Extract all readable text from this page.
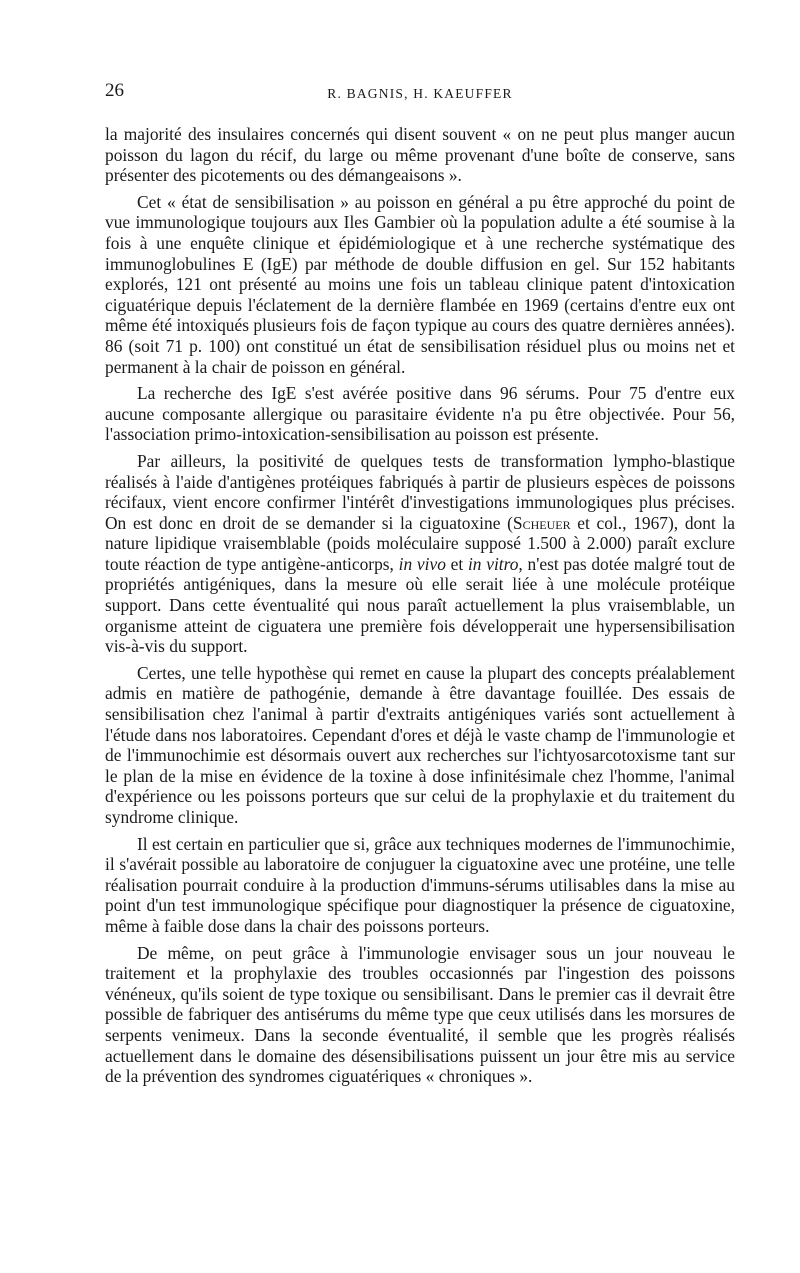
26	R. BAGNIS, H. KAEUFFER

la majorité des insulaires concernés qui disent souvent « on ne peut plus manger aucun poisson du lagon du récif, du large ou même provenant d'une boîte de conserve, sans présenter des picotements ou des démangeaisons ».

Cet « état de sensibilisation » au poisson en général a pu être approché du point de vue immunologique toujours aux Iles Gambier où la population adulte a été soumise à la fois à une enquête clinique et épidémiologique et à une recherche systématique des immunoglobulines E (IgE) par méthode de double diffusion en gel. Sur 152 habitants explorés, 121 ont présenté au moins une fois un tableau clinique patent d'intoxication ciguatérique depuis l'éclatement de la dernière flambée en 1969 (certains d'entre eux ont même été intoxiqués plusieurs fois de façon typique au cours des quatre dernières années). 86 (soit 71 p. 100) ont constitué un état de sensibilisation résiduel plus ou moins net et permanent à la chair de poisson en général.

La recherche des IgE s'est avérée positive dans 96 sérums. Pour 75 d'entre eux aucune composante allergique ou parasitaire évidente n'a pu être objectivée. Pour 56, l'association primo-intoxication-sensibilisation au poisson est présente.

Par ailleurs, la positivité de quelques tests de transformation lympho-blastique réalisés à l'aide d'antigènes protéiques fabriqués à partir de plusieurs espèces de poissons récifaux, vient encore confirmer l'intérêt d'investigations immunologiques plus précises. On est donc en droit de se demander si la ciguatoxine (Scheuer et col., 1967), dont la nature lipidique vraisemblable (poids moléculaire supposé 1.500 à 2.000) paraît exclure toute réaction de type antigène-anticorps, in vivo et in vitro, n'est pas dotée malgré tout de propriétés antigéniques, dans la mesure où elle serait liée à une molécule protéique support. Dans cette éventualité qui nous paraît actuellement la plus vraisemblable, un organisme atteint de ciguatera une première fois développerait une hypersensibilisation vis-à-vis du support.

Certes, une telle hypothèse qui remet en cause la plupart des concepts préalablement admis en matière de pathogénie, demande à être davantage fouillée. Des essais de sensibilisation chez l'animal à partir d'extraits antigéniques variés sont actuellement à l'étude dans nos laboratoires. Cependant d'ores et déjà le vaste champ de l'immunologie et de l'immunochimie est désormais ouvert aux recherches sur l'ichtyosarcotoxisme tant sur le plan de la mise en évidence de la toxine à dose infinitésimale chez l'homme, l'animal d'expérience ou les poissons porteurs que sur celui de la prophylaxie et du traitement du syndrome clinique.

Il est certain en particulier que si, grâce aux techniques modernes de l'immunochimie, il s'avérait possible au laboratoire de conjuguer la ciguatoxine avec une protéine, une telle réalisation pourrait conduire à la production d'immuns-sérums utilisables dans la mise au point d'un test immunologique spécifique pour diagnostiquer la présence de ciguatoxine, même à faible dose dans la chair des poissons porteurs.

De même, on peut grâce à l'immunologie envisager sous un jour nouveau le traitement et la prophylaxie des troubles occasionnés par l'ingestion des poissons vénéneux, qu'ils soient de type toxique ou sensibilisant. Dans le premier cas il devrait être possible de fabriquer des antisérums du même type que ceux utilisés dans les morsures de serpents venimeux. Dans la seconde éventualité, il semble que les progrès réalisés actuellement dans le domaine des désensibilisations puissent un jour être mis au service de la prévention des syndromes ciguatériques « chroniques ».
